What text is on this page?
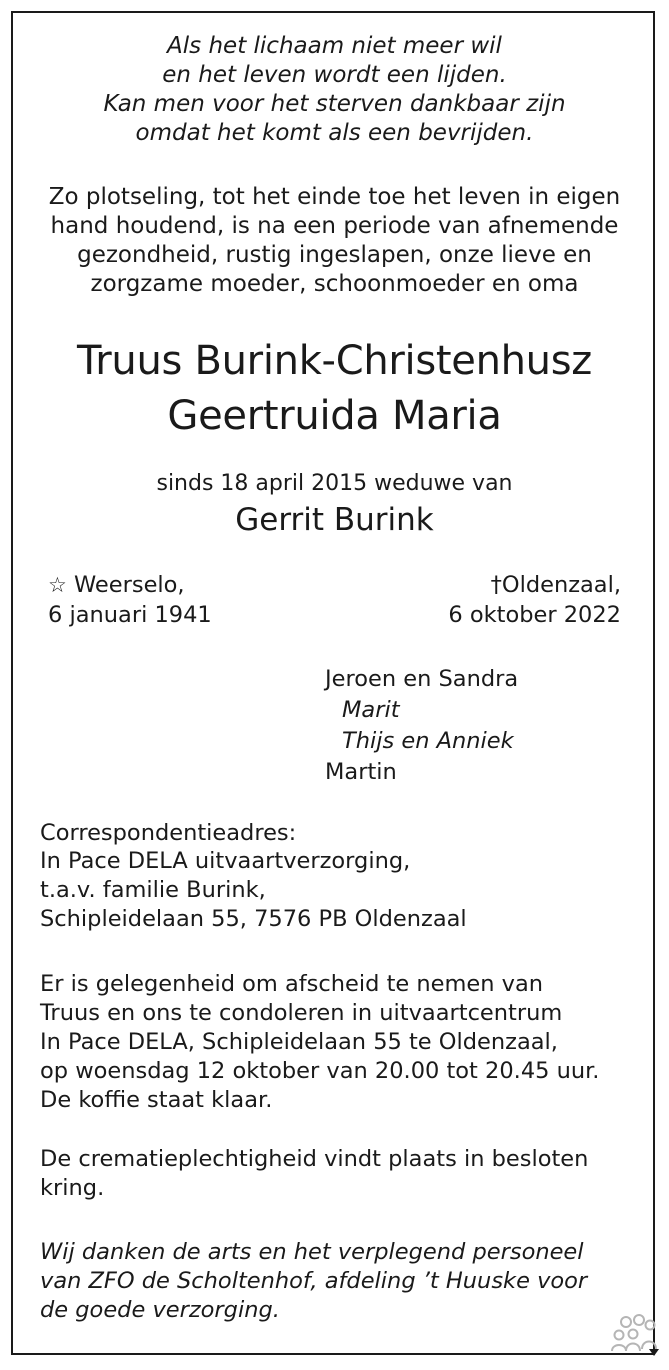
Als het lichaam niet meer wil
en het leven wordt een lijden.
Kan men voor het sterven dankbaar zijn
omdat het komt als een bevrijden.
Zo plotseling, tot het einde toe het leven in eigen
hand houdend, is na een periode van afnemende
gezondheid, rustig ingeslapen, onze lieve en
zorgzame moeder, schoonmoeder en oma
Truus Burink-Christenhusz
Geertruida Maria
sinds 18 april 2015 weduwe van
Gerrit Burink
☆ Weerselo,
6 januari 1941
†Oldenzaal,
6 oktober 2022
Jeroen en Sandra
Marit
Thijs en Anniek
Martin
Correspondentieadres:
In Pace DELA uitvaartverzorging,
t.a.v. familie Burink,
Schipleidelaan 55, 7576 PB Oldenzaal
Er is gelegenheid om afscheid te nemen van
Truus en ons te condoleren in uitvaartcentrum
In Pace DELA, Schipleidelaan 55 te Oldenzaal,
op woensdag 12 oktober van 20.00 tot 20.45 uur.
De koffie staat klaar.
De crematieplechtigheid vindt plaats in besloten
kring.
Wij danken de arts en het verplegend personeel
van ZFO de Scholtenhof, afdeling ’t Huuske voor
de goede verzorging.
